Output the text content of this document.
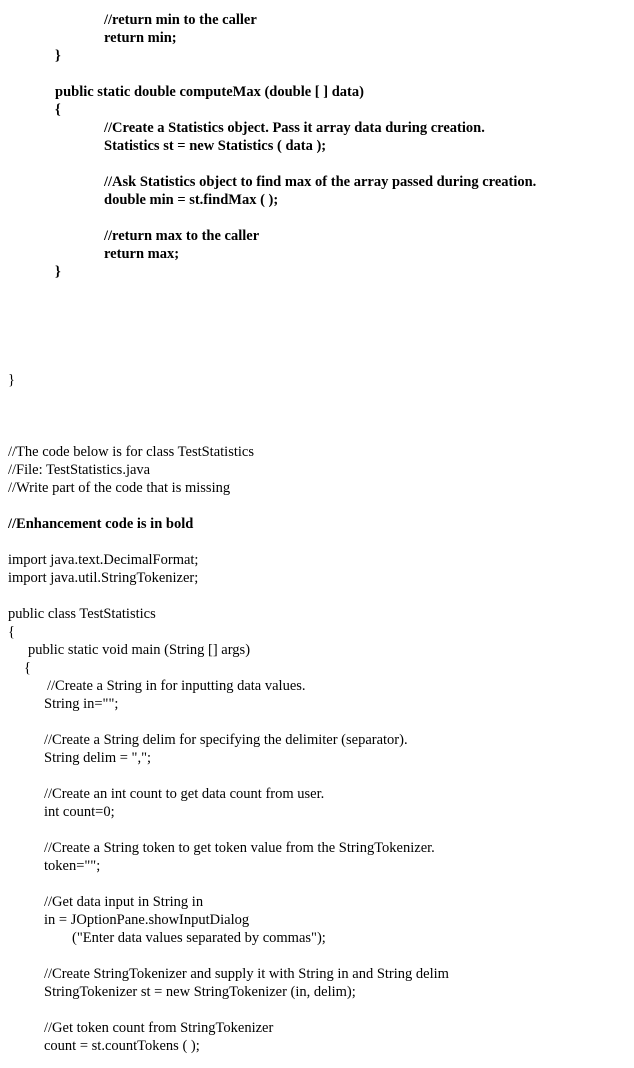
//return min to the caller
return min;
}
public static double computeMax (double [ ] data)
{
//Create a Statistics object. Pass it array data during creation.
Statistics st = new Statistics ( data );
//Ask Statistics object to find max of the array passed during creation.
double min = st.findMax ( );
//return max to the caller
return max;
}
}
//The code below is for class TestStatistics
//File: TestStatistics.java
//Write part of the code that is missing
//Enhancement code is in bold
import java.text.DecimalFormat;
import java.util.StringTokenizer;
public class TestStatistics
{
public static void main (String [] args)
{
//Create a String in for inputting data values.
String in="";
//Create a String delim for specifying the delimiter (separator).
String delim = ",";
//Create an int count to get data count from user.
int count=0;
//Create a String token to get token value from the StringTokenizer.
token="";
//Get data input in String in
in = JOptionPane.showInputDialog
("Enter data values separated by commas");
//Create StringTokenizer and supply it with String in and String delim
StringTokenizer st = new StringTokenizer (in, delim);
//Get token count from StringTokenizer
count = st.countTokens ( );
